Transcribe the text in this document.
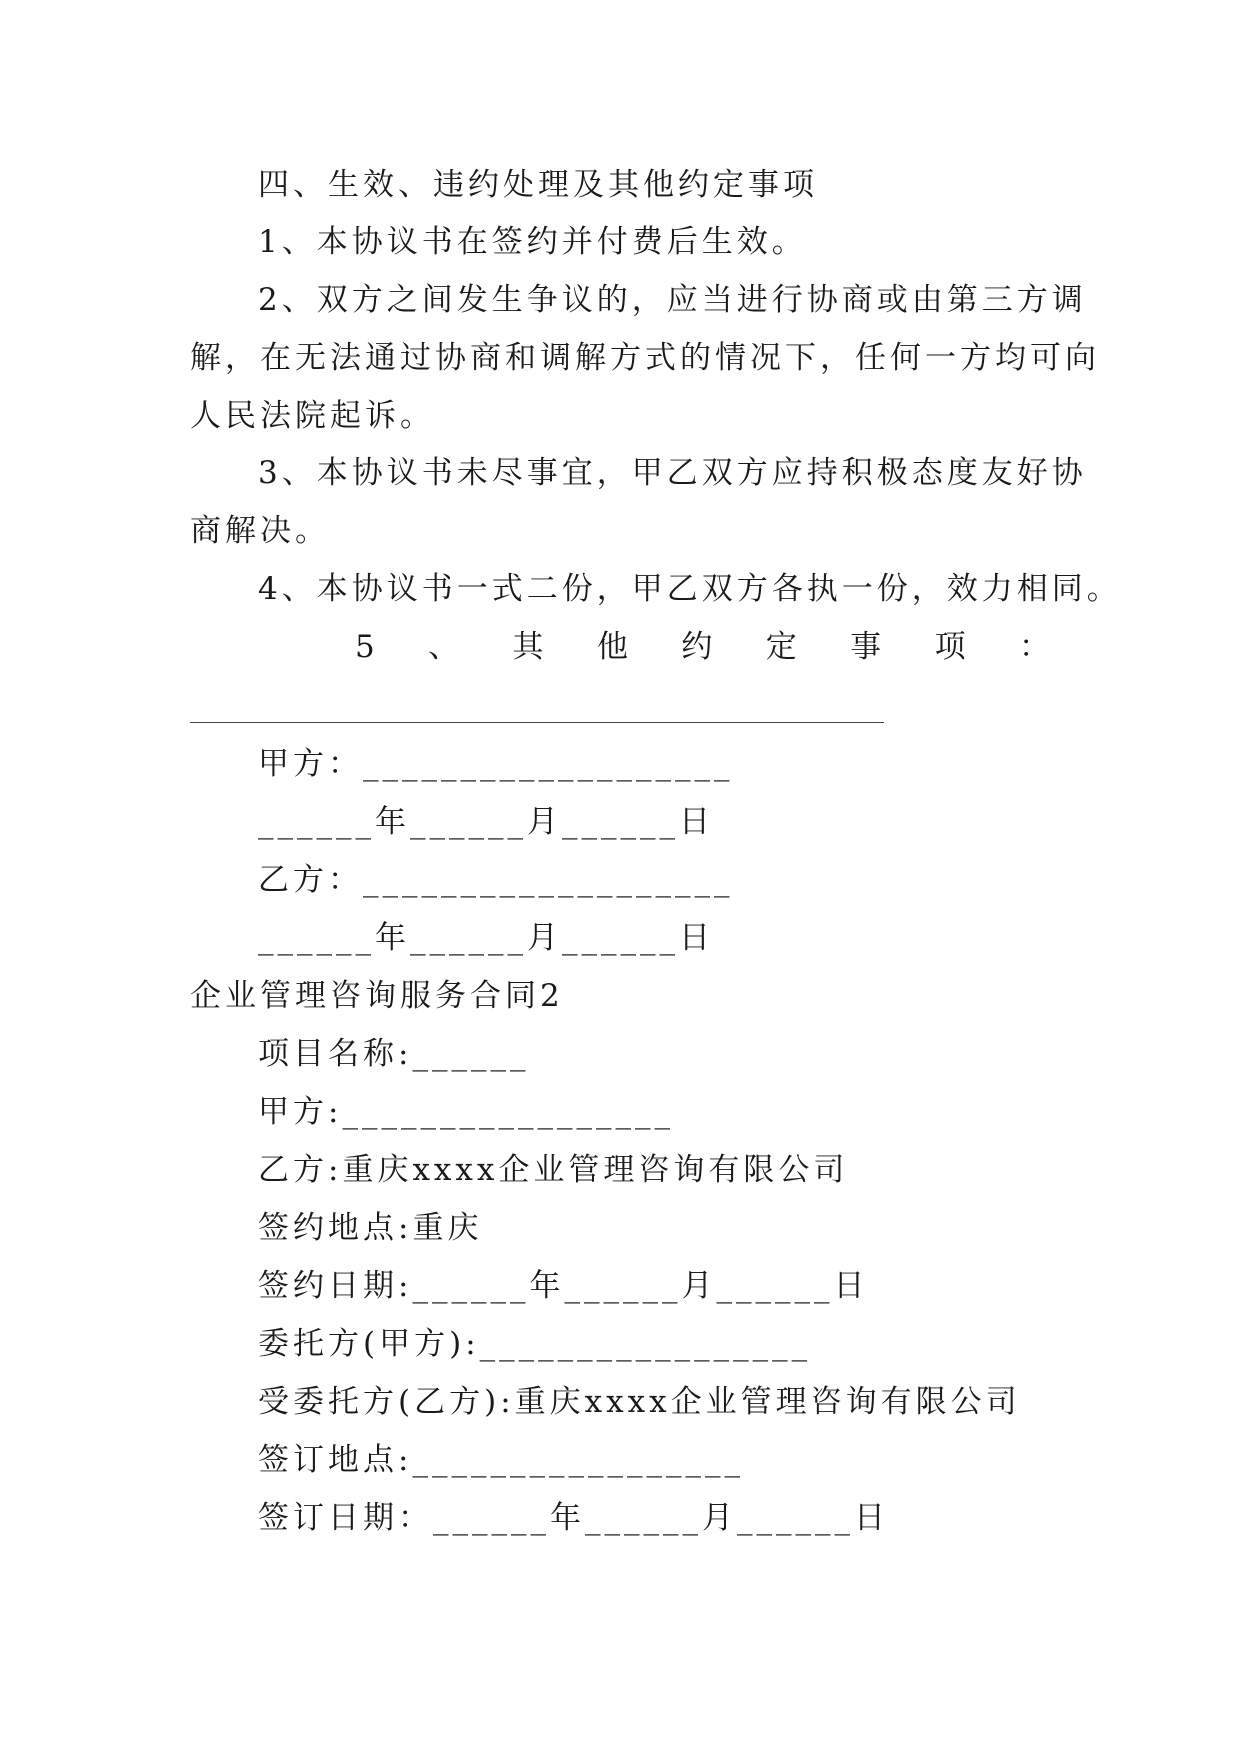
四、生效、违约处理及其他约定事项
1、本协议书在签约并付费后生效。
2、双方之间发生争议的，应当进行协商或由第三方调
解，在无法通过协商和调解方式的情况下，任何一方均可向
人民法院起诉。
3、本协议书未尽事宜，甲乙双方应持积极态度友好协
商解决。
4、本协议书一式二份，甲乙双方各执一份，效力相同。
5 、 其 他 约 定 事 项 ：
甲方：___________________
______年______月______日
乙方：___________________
______年______月______日
企业管理咨询服务合同2
项目名称:______
甲方:_________________
乙方:重庆xxxx企业管理咨询有限公司
签约地点:重庆
签约日期:______年______月______日
委托方(甲方):_________________
受委托方(乙方):重庆xxxx企业管理咨询有限公司
签订地点:_________________
签订日期：______年______月______日
